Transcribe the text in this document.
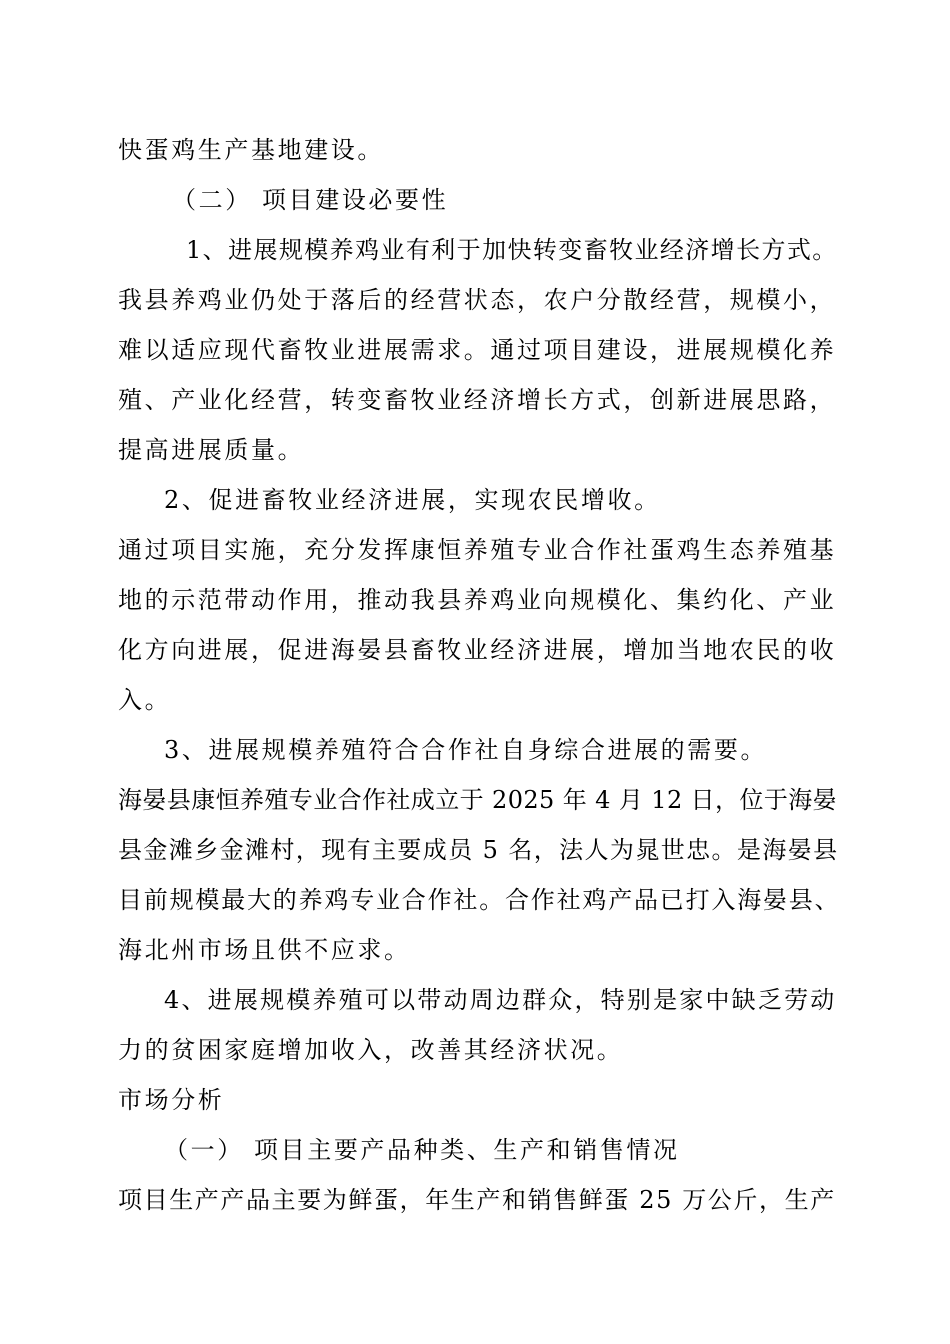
快蛋鸡生产基地建设。
（二） 项目建设必要性
1、进展规模养鸡业有利于加快转变畜牧业经济增长方式。
我县养鸡业仍处于落后的经营状态，农户分散经营，规模小，
难以适应现代畜牧业进展需求。通过项目建设，进展规模化养
殖、产业化经营，转变畜牧业经济增长方式，创新进展思路，
提高进展质量。
2、促进畜牧业经济进展，实现农民增收。
通过项目实施，充分发挥康恒养殖专业合作社蛋鸡生态养殖基
地的示范带动作用，推动我县养鸡业向规模化、集约化、产业
化方向进展，促进海晏县畜牧业经济进展，增加当地农民的收
入。
3、进展规模养殖符合合作社自身综合进展的需要。
海晏县康恒养殖专业合作社成立于 2025 年 4 月 12 日，位于海晏
县金滩乡金滩村，现有主要成员 5 名，法人为晁世忠。是海晏县
目前规模最大的养鸡专业合作社。合作社鸡产品已打入海晏县、
海北州市场且供不应求。
4、进展规模养殖可以带动周边群众，特别是家中缺乏劳动
力的贫困家庭增加收入，改善其经济状况。
市场分析
（一） 项目主要产品种类、生产和销售情况
项目生产产品主要为鲜蛋，年生产和销售鲜蛋 25 万公斤，生产
